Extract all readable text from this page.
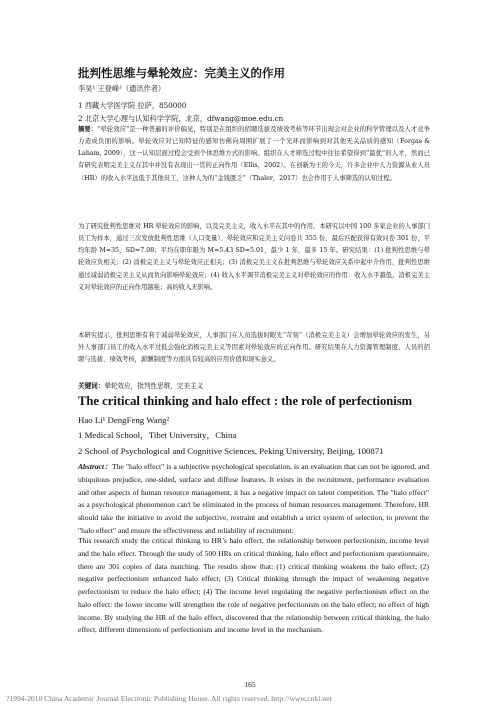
批判性思维与晕轮效应：完美主义的作用
李昊¹ 王登峰²（通讯作者）
1 西藏大学医学院 拉萨，850000
2 北京大学心理与认知科学学院，北京，dfwang@moe.edu.cn

摘要：“晕轮效应”是一种普遍的评价偏见，特别是在组织的招聘选拔及绩效考核等环节出现会对企业的科学管理以及人才竞争力造成负面的影响。晕轮效应对已知特征的感知仿佛向周围扩展了一个光环而影响到对其他无关品质的感知（Forgas & Laham, 2009），这一认知层面过程会受到个体思维方式的影响。组织在人才筛选过程中往往希望得到“最优”的人才，然而已有研究表明完美主义在其中并没有表现出一贯的正向作用（Ellis，2002）。在创新为王的今天，许多企业中人力资源从业人员（HR）的收入水平远低于其他员工，这种人为的“金钱匮乏”（Thaler，2017）也会作用于人事筛选的认知过程。

为了研究批判性思维对 HR 晕轮效应的影响，以及完美主义，收入水平在其中的作用，本研究以中国 100 多家企业的人事部门员工为样本，通过三次发放批判性思维（人口变量）、晕轮效应和完美主义问卷共 355 份，最后匹配获得有效问卷 301 份，平均年龄 M=35，SD=7.08；平均在职年限为 M=5.43 SD=5.01，最少 1 年，最多 15 年。研究结果：(1) 批判性思维与晕轮效应负相关；(2) 消极完美主义与晕轮效应正相关；(3) 消极完美主义在批判思维与晕轮效应关系中起中介作用，批判性思维通过减弱消极完美主义从而负向影响晕轮效应；(4) 收入水平调节消极完美主义对晕轮效应的作用：收入水平越低，消极完美主义对晕轮效应的正向作用越强；高的收入无影响。

本研究提示，批判思维有利于减弱晕轮效应，人事部门在人员选拔时眼光“苛刻”（消极完美主义）会增加晕轮效应的发生，另外人事部门员工的收入水平过低会强化消极完美主义等因素对晕轮效应的正向作用。研究结果在人力资源管理制度、人员的招聘与选拔、绩效考核，薪酬制度等方面具有较高的应用价值和现实意义。

关键词：晕轮效应，批判性思维，完美主义
The critical thinking and halo effect : the role of perfectionism
Hao Li¹ DengFeng Wang²
1 Medical School，Tibet University，China
2 School of Psychological and Cognitive Sciences, Peking University, Beijing, 100871

Abstract：The "halo effect" is a subjective psychological speculation, is an evaluation that can not be ignored, and ubiquitous prejudice, one-sided, surface and diffuse features. It exists in the recruitment, performance evaluation and other aspects of human resource management, it has a negative impact on talent competition. The "halo effect" as a psychological phenomenon can't be eliminated in the process of human resources management. Therefore, HR should take the initiative to avoid the subjective, restraint and establish a strict system of selection, to prevent the "halo effect" and ensure the effectiveness and reliability of recruitment.

This research study the critical thinking to HR’s halo effect, the relationship between perfectionism, income level and the halo effect. Through the study of 500 HRs on critical thinking, halo effect and perfectionism questionnaire, there are 301 copies of data matching. The results show that: (1) critical thinking weakens the halo effect; (2) negative perfectionism enhanced halo effect; (3) Critical thinking through the impact of weakening negative perfectionism to reduce the halo effect; (4) The income level regulating the negative perfectionism effect on the halo effect: the lower income will strengthen the role of negative perfectionism on the halo effect; no effect of high income. By studying the HR of the halo effect, discovered that the relationship between critical thinking, the halo effect, different dimensions of perfectionism and income level in the mechanism.

165
?1994-2018 China Academic Journal Electronic Publishing House. All rights reserved. http://www.cnki.net
